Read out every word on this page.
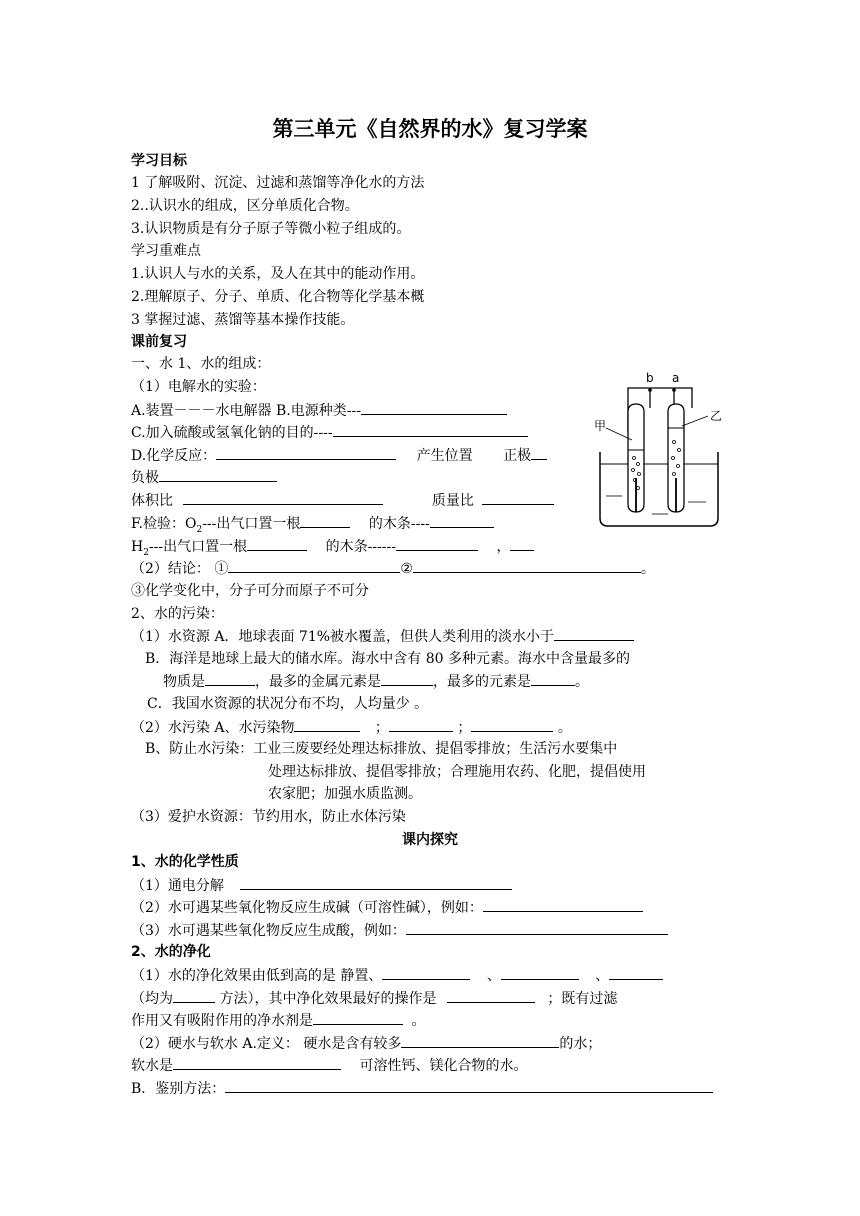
第三单元《自然界的水》复习学案
学习目标
1 了解吸附、沉淀、过滤和蒸馏等净化水的方法
2..认识水的组成，区分单质化合物。
3.认识物质是有分子原子等微小粒子组成的。
学习重难点
1.认识人与水的关系，及人在其中的能动作用。
2.理解原子、分子、单质、化合物等化学基本概
3 掌握过滤、蒸馏等基本操作技能。
课前复习
一、水 1、水的组成：
（1）电解水的实验：
A.装置－－－水电解器 B.电源种类---
C.加入硫酸或氢氧化钠的目的----
D.化学反应：	产生位置 正极
负极
体积比	质量比
F.检验：$O_2---$出气口置一根	的木条----
$H_2---$出气口置一根	的木条------	，
（2）结论： ①	②	。
③化学变化中，分子可分而原子不可分
2、水的污染：
（1）水资源 A．地球表面 71%被水覆盖，但供人类利用的淡水小于
B．海洋是地球上最大的储水库。海水中含有 80 多种元素。海水中含量最多的
物质是	，最多的金属元素是	，最多的元素是	。
C．我国水资源的状况分布不均，人均量少 。
（2）水污染 A、水污染物	；	；	。
B、防止水污染：工业三废要经处理达标排放、提倡零排放；生活污水要集中
处理达标排放、提倡零排放；合理施用农药、化肥，提倡使用
农家肥；加强水质监测。
（3）爱护水资源：节约用水，防止水体污染
课内探究
1、水的化学性质
（1）通电分解
（2）水可遇某些氧化物反应生成碱（可溶性碱），例如：
（3）水可遇某些氧化物反应生成酸，例如：
2、水的净化
（1）水的净化效果由低到高的是 静置、	、	、
（均为	方法），其中净化效果最好的操作是	；既有过滤
作用又有吸附作用的净水剂是	。
（2）硬水与软水 A.定义： 硬水是含有较多	的水；
软水是	可溶性钙、镁化合物的水。
B．鉴别方法：
b a
甲
乙
